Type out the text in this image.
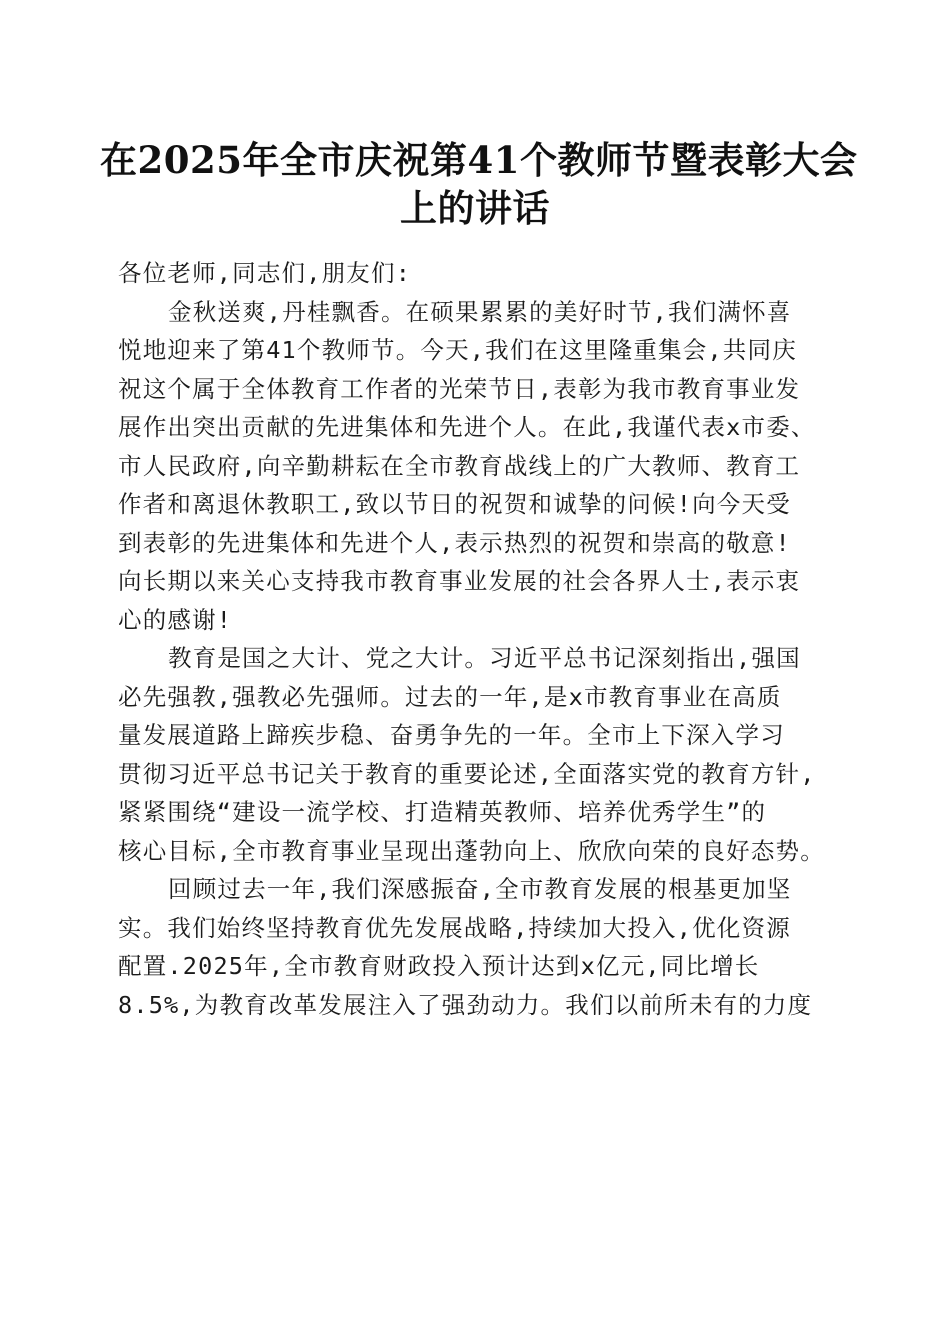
在2025年全市庆祝第41个教师节暨表彰大会
上的讲话
各位老师,同志们,朋友们:
金秋送爽,丹桂飘香。在硕果累累的美好时节,我们满怀喜
悦地迎来了第41个教师节。今天,我们在这里隆重集会,共同庆
祝这个属于全体教育工作者的光荣节日,表彰为我市教育事业发
展作出突出贡献的先进集体和先进个人。在此,我谨代表x市委、
市人民政府,向辛勤耕耘在全市教育战线上的广大教师、教育工
作者和离退休教职工,致以节日的祝贺和诚挚的问候!向今天受
到表彰的先进集体和先进个人,表示热烈的祝贺和崇高的敬意!
向长期以来关心支持我市教育事业发展的社会各界人士,表示衷
心的感谢!
教育是国之大计、党之大计。习近平总书记深刻指出,强国
必先强教,强教必先强师。过去的一年,是x市教育事业在高质
量发展道路上蹄疾步稳、奋勇争先的一年。全市上下深入学习
贯彻习近平总书记关于教育的重要论述,全面落实党的教育方针,
紧紧围绕“建设一流学校、打造精英教师、培养优秀学生”的
核心目标,全市教育事业呈现出蓬勃向上、欣欣向荣的良好态势。
回顾过去一年,我们深感振奋,全市教育发展的根基更加坚
实。我们始终坚持教育优先发展战略,持续加大投入,优化资源
配置.2025年,全市教育财政投入预计达到x亿元,同比增长
8.5%,为教育改革发展注入了强劲动力。我们以前所未有的力度
